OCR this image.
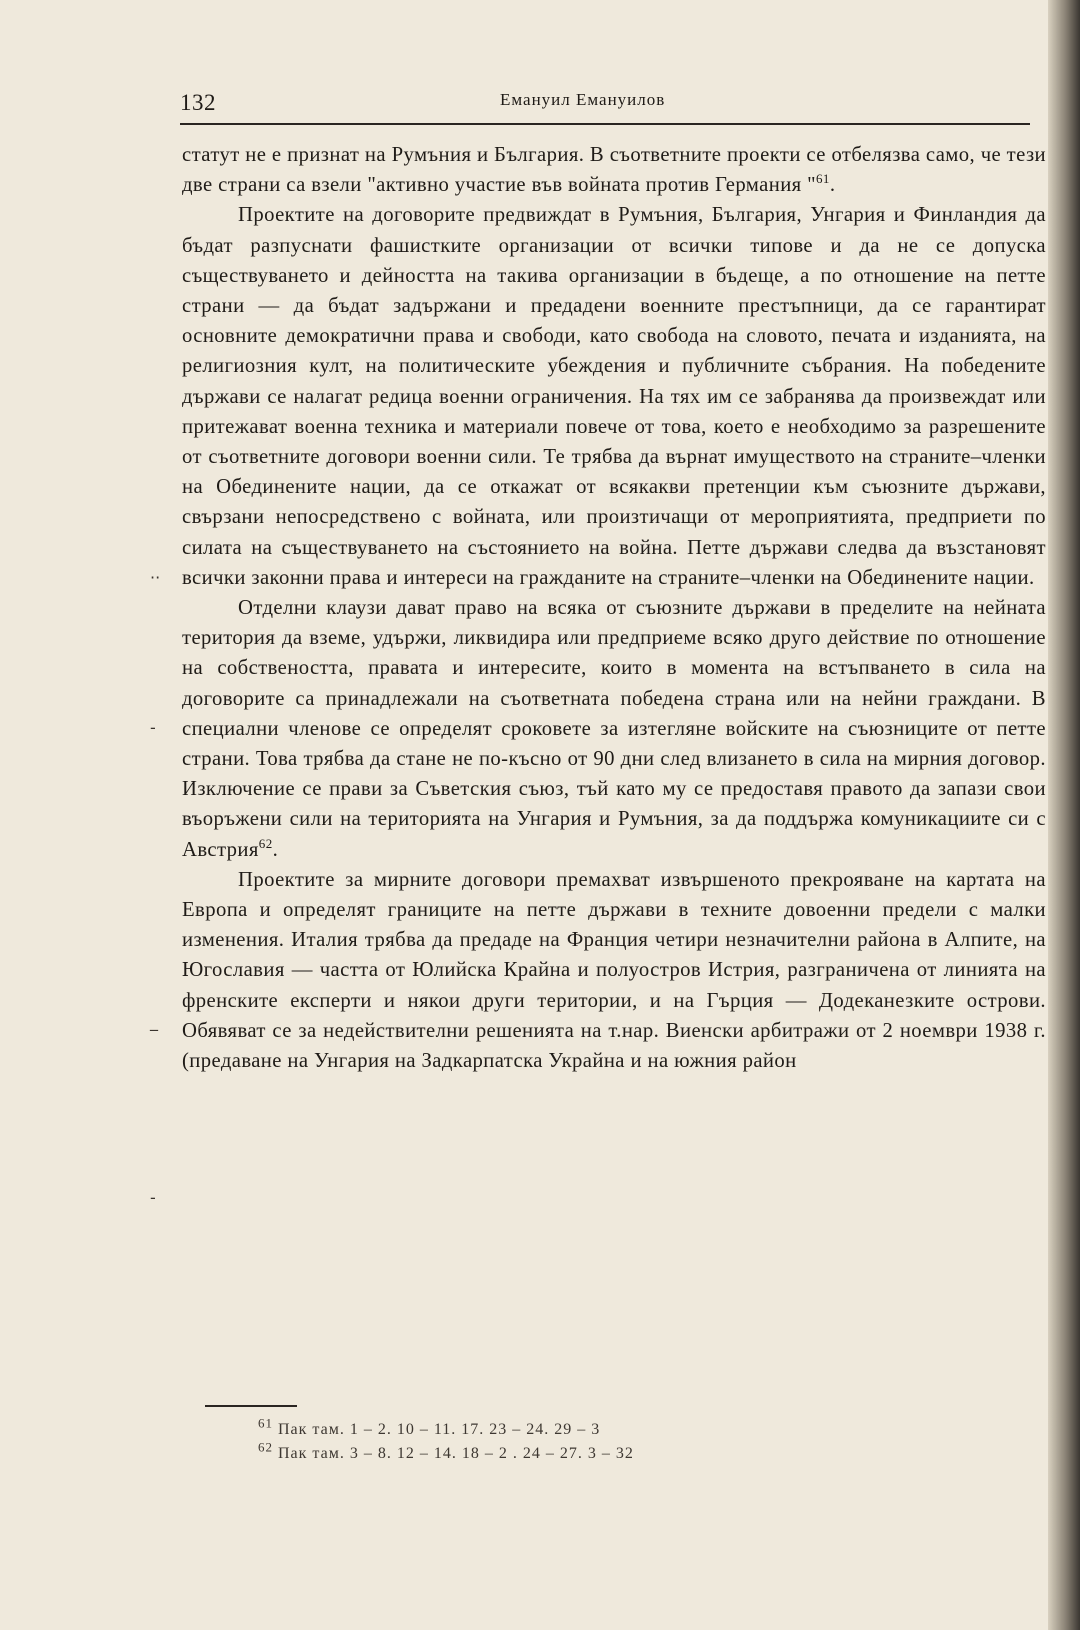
132	Емануил Емануилов

статут не е признат на Румъния и България. В съответните проекти се отбелязва само, че тези две страни са взели "активно участие във войната против Германия "$^{61}$.

Проектите на договорите предвиждат в Румъния, България, Унгария и Финландия да бъдат разпуснати фашистките организации от всички типове и да не се допуска съществуването и дейността на такива организации в бъдеще, а по отношение на петте страни — да бъдат задържани и предадени военните престъпници, да се гарантират основните демократични права и свободи, като свобода на словото, печата и изданията, на религиозния култ, на политическите убеждения и публичните събрания. На победените държави се налагат редица военни ограничения. На тях им се забранява да произвеждат или притежават военна техника и материали повече от това, което е необходимо за разрешените от съответните договори военни сили. Те трябва да върнат имуществото на страните–членки на Обединените нации, да се откажат от всякакви претенции към съюзните държави, свързани непосредствено с войната, или произтичащи от мероприятията, предприети по силата на съществуването на състоянието на война. Петте държави следва да възстановят всички законни права и интереси на гражданите на страните–членки на Обединените нации.

Отделни клаузи дават право на всяка от съюзните държави в пределите на нейната територия да вземе, удържи, ликвидира или предприеме всяко друго действие по отношение на собствеността, правата и интересите, които в момента на встъпването в сила на договорите са принадлежали на съответната победена страна или на нейни граждани. В специални членове се определят сроковете за изтеглянe войските на съюзниците от петте страни. Това трябва да стане не по-късно от 90 дни след влизането в сила на мирния договор. Изключение се прави за Съветския съюз, тъй като му се предоставя правото да запази свои въоръжени сили на територията на Унгария и Румъния, за да поддържа комуникациите си с Австрия$^{62}$.

Проектите за мирните договори премахват извършеното прекрояване на картата на Европа и определят границите на петте държави в техните довоенни предели с малки изменения. Италия трябва да предаде на Франция четири незначителни района в Алпите, на Югославия — частта от Юлийска Крайна и полуостров Истрия, разграничена от линията на френските експерти и някои други територии, и на Гърция — Додеканезките острови. Обявяват се за недействителни решенията на т.нар. Виенски арбитражи от 2 ноември 1938 г. (предаване на Унгария на Задкарпатска Украйна и на южния район

··
-
_
-
$^{61}$ Пак там. 1 – 2. 10 – 11. 17. 23 – 24. 29 – 3
$^{62}$ Пак там. 3 – 8. 12 – 14. 18 – 2 . 24 – 27. 3 – 32
